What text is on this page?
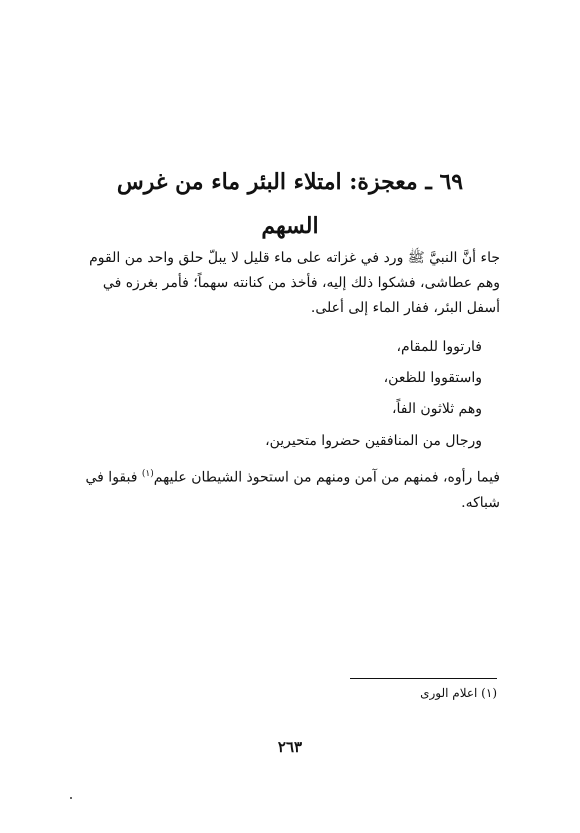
٦٩ ـ معجزة: امتلاء البئر ماء من غرس
السهم
جاء أنَّ النبيَّ ﷺ ورد في غزاته على ماء قليل لا يبلّ حلق واحد من القوم وهم عطاشى، فشكوا ذلك إليه، فأخذ من كنانته سهماً؛ فأمر بغرزه في أسفل البئر، ففار الماء إلى أعلى.
فارتووا للمقام،
واستقووا للظعن،
وهم ثلاثون الفاً،
ورجال من المنافقين حضروا متحيرين،
فيما رأوه، فمنهم من آمن ومنهم من استحوذ الشيطان عليهم$^{(١)}$ فبقوا في شباكه.
(١) اعلام الورى
٢٦٣
